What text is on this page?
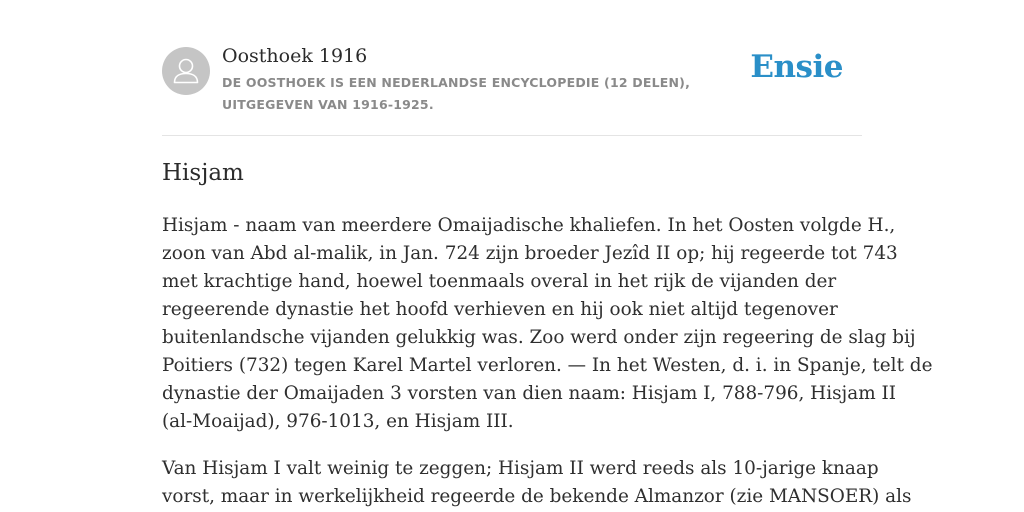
Oosthoek 1916
DE OOSTHOEK IS EEN NEDERLANDSE ENCYCLOPEDIE (12 DELEN), UITGEGEVEN VAN 1916-1925.
Ensie
Hisjam

Hisjam - naam van meerdere Omaijadische khaliefen. In het Oosten volgde H.,
zoon van Abd al-malik, in Jan. 724 zijn broeder Jezîd II op; hij regeerde tot 743
met krachtige hand, hoewel toenmaals overal in het rijk de vijanden der
regeerende dynastie het hoofd verhieven en hij ook niet altijd tegenover
buitenlandsche vijanden gelukkig was. Zoo werd onder zijn regeering de slag bij
Poitiers (732) tegen Karel Martel verloren. — In het Westen, d. i. in Spanje, telt de
dynastie der Omaijaden 3 vorsten van dien naam: Hisjam I, 788-796, Hisjam II
(al-Moaijad), 976-1013, en Hisjam III.

Van Hisjam I valt weinig te zeggen; Hisjam II werd reeds als 10-jarige knaap
vorst, maar in werkelijkheid regeerde de bekende Almanzor (zie MANSOER) als
